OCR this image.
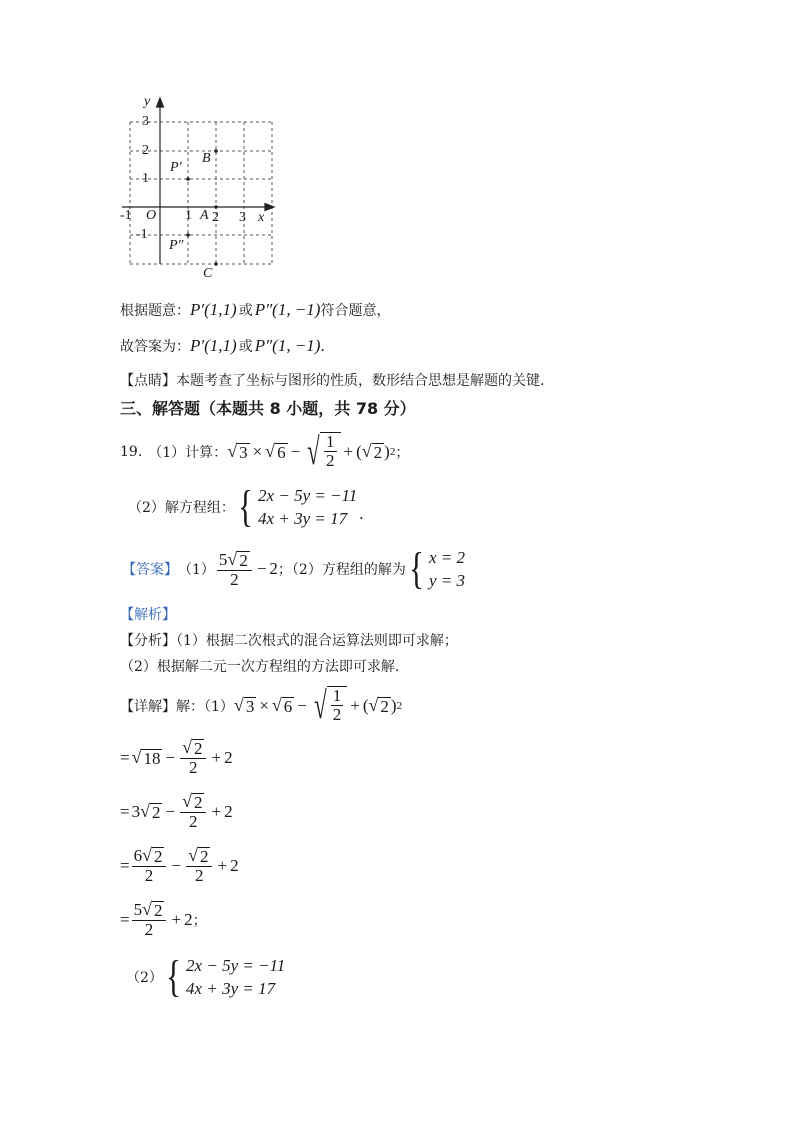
y
x
O
-1	1 2 3
3
2
1
-1
P′
B
A
P″
C
根据题意： P′(1,1) 或 P″(1, −1) 符合题意，
故答案为： P′(1,1) 或 P″(1, −1) .
【点睛】本题考查了坐标与图形的性质，数形结合思想是解题的关键.
三、解答题（本题共 8 小题，共 78 分）
19. （1）计算： √ 3 × √ 6 − √ $\frac{1}{2}$ + ( √ 2 ) 2 ；
（2）解方程组： { 2x − 5y = −11
4x + 3y = 17 .
【答案】 $(1) \frac{5 √ 2}{2} - 2$ ；（2）方程组的解为 { x = 2
y = 3
【解析】
【分析】（1）根据二次根式的混合运算法则即可求解；
（2）根据解二元一次方程组的方法即可求解.
【详解】解：（1） √ 3 × √ 6 − √ $\frac{1}{2}$ + ( √ 2 ) 2
= √ $18 - \frac{√ 2}{2} + 2$
= 3 √ $2 - \frac{√ 2}{2} + 2$
= $\frac{6 √ 2}{2} - \frac{√ 2}{2} + 2$
= $\frac{5 √ 2}{2} + 2$ ；
（2） { 2x − 5y = −11
4x + 3y = 17
